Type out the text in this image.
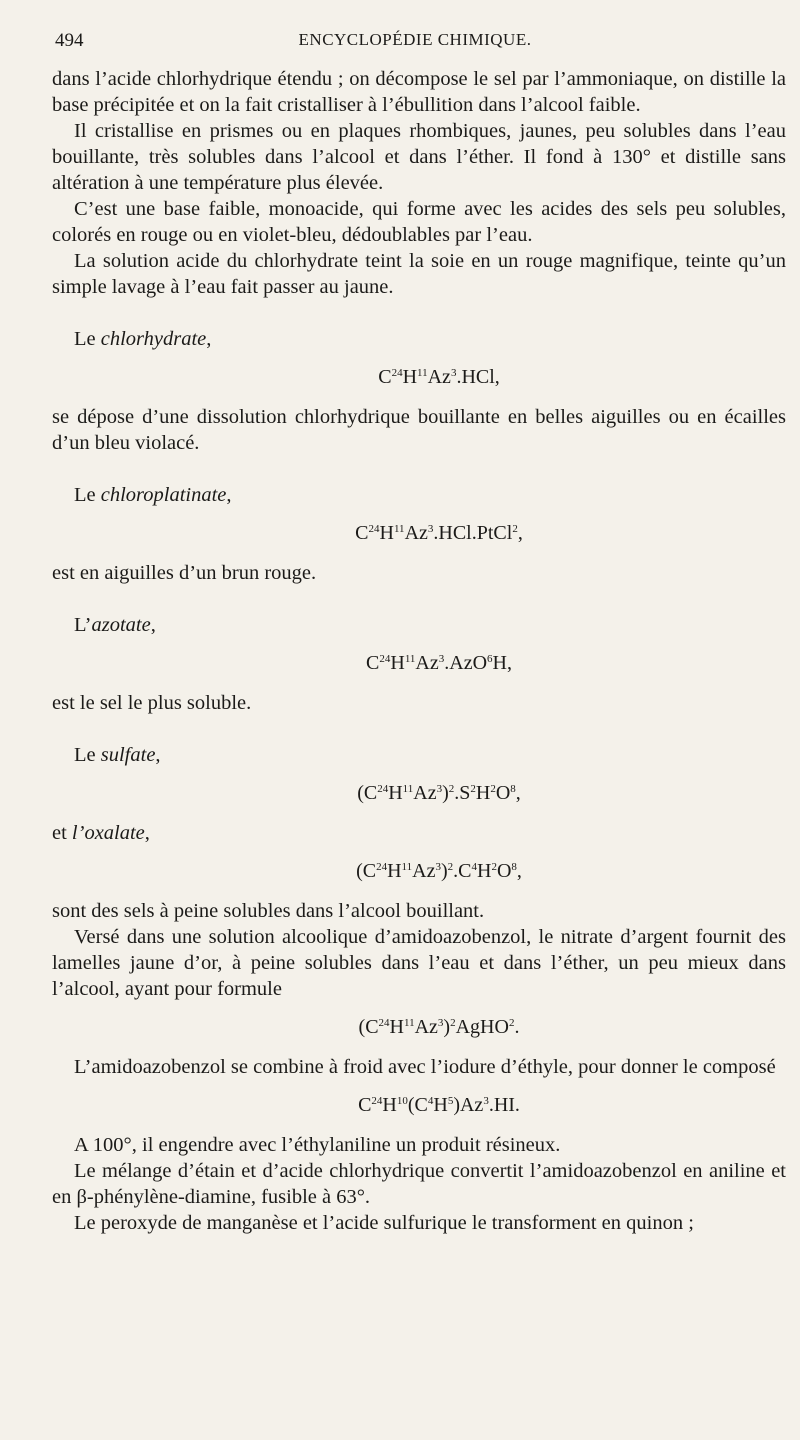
494	ENCYCLOPÉDIE CHIMIQUE.

dans l’acide chlorhydrique étendu ; on décompose le sel par l’ammoniaque, on distille la base précipitée et on la fait cristalliser à l’ébullition dans l’alcool faible.

Il cristallise en prismes ou en plaques rhombiques, jaunes, peu solubles dans l’eau bouillante, très solubles dans l’alcool et dans l’éther. Il fond à 130° et distille sans altération à une température plus élevée.

C’est une base faible, monoacide, qui forme avec les acides des sels peu solubles, colorés en rouge ou en violet-bleu, dédoublables par l’eau.

La solution acide du chlorhydrate teint la soie en un rouge magnifique, teinte qu’un simple lavage à l’eau fait passer au jaune.

Le chlorhydrate,

$C^{24}H^{11}Az^3.HCl$,

se dépose d’une dissolution chlorhydrique bouillante en belles aiguilles ou en écailles d’un bleu violacé.

Le chloroplatinate,

$C^{24}H^{11}Az^3.HCl.PtCl^2$,

est en aiguilles d’un brun rouge.

L’azotate,

$C^{24}H^{11}Az^3.AzO^6H$,

est le sel le plus soluble.

Le sulfate,

$(C^{24}H^{11}Az^3)^2.S^2H^2O^8$,

et l’oxalate,

$(C^{24}H^{11}Az^3)^2.C^4H^2O^8$,

sont des sels à peine solubles dans l’alcool bouillant.

Versé dans une solution alcoolique d’amidoazobenzol, le nitrate d’argent fournit des lamelles jaune d’or, à peine solubles dans l’eau et dans l’éther, un peu mieux dans l’alcool, ayant pour formule

$(C^{24}H^{11}Az^3)^2AgHO^2$.

L’amidoazobenzol se combine à froid avec l’iodure d’éthyle, pour donner le composé

$C^{24}H^{10}(C^4H^5)Az^3.HI$.

A 100°, il engendre avec l’éthylaniline un produit résineux.

Le mélange d’étain et d’acide chlorhydrique convertit l’amidoazobenzol en aniline et en β-phénylène-diamine, fusible à 63°.

Le peroxyde de manganèse et l’acide sulfurique le transforment en quinon ;
